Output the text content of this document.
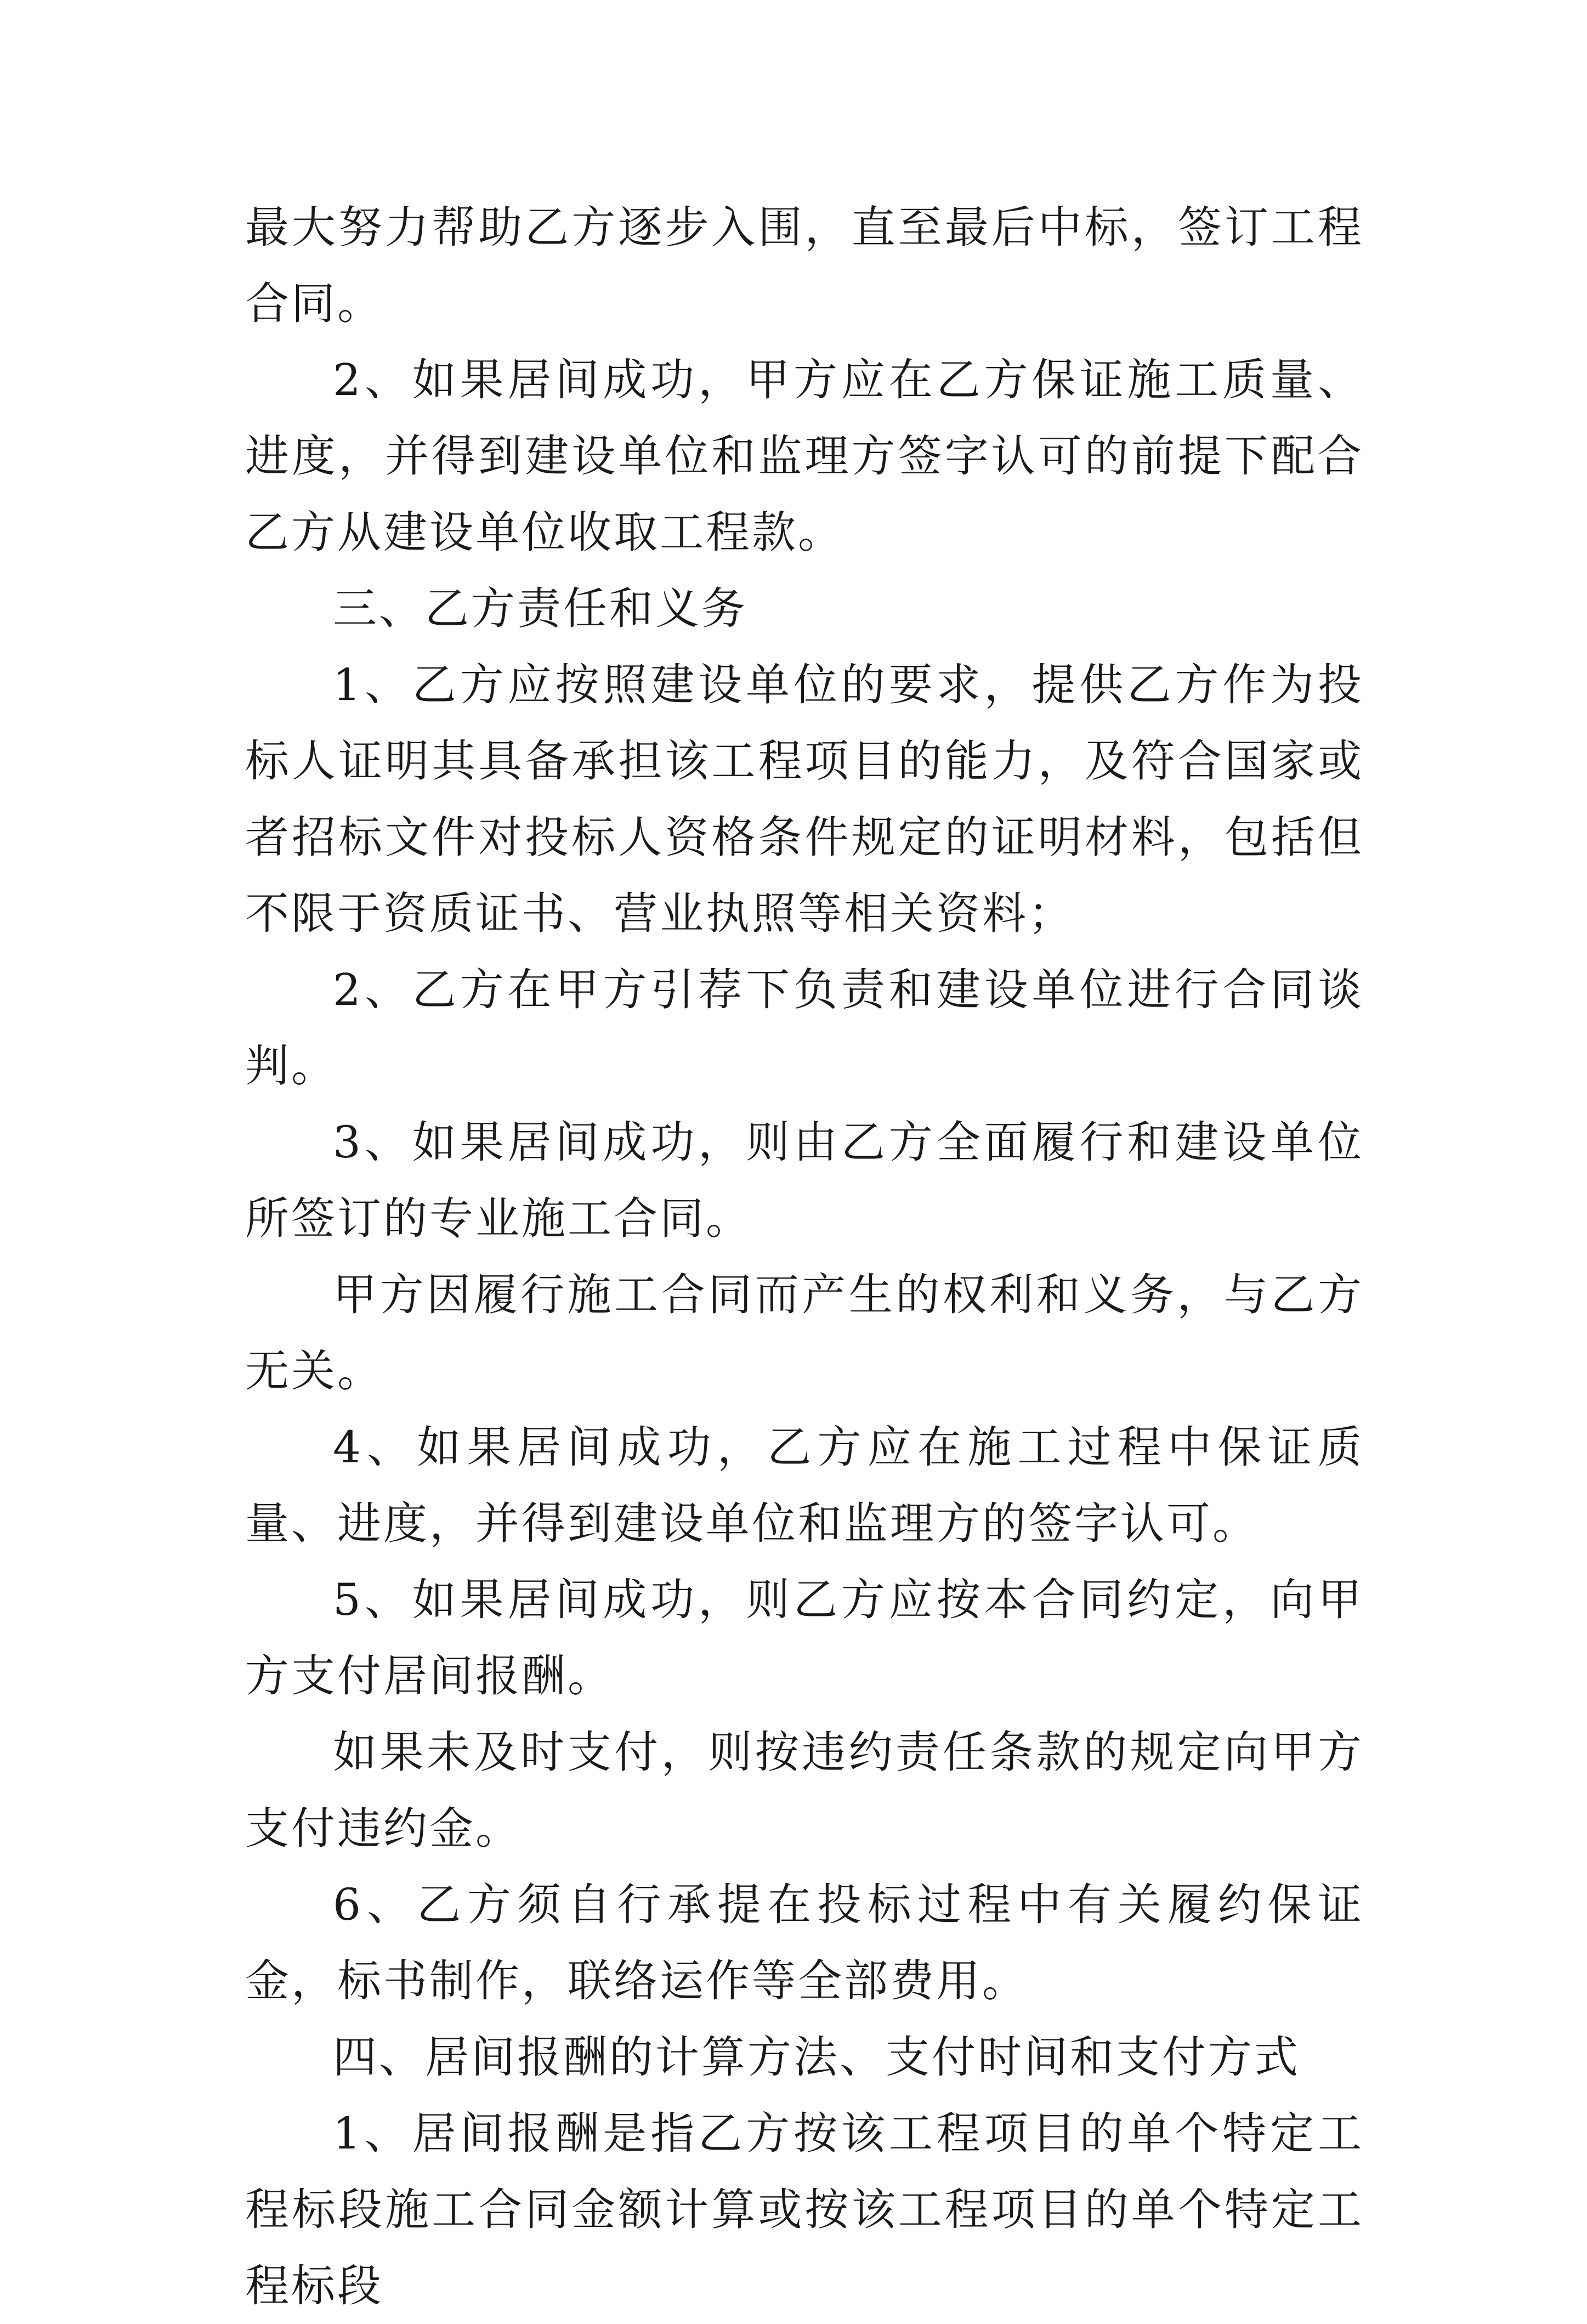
最大努力帮助乙方逐步入围，直至最后中标，签订工程合同。

2、如果居间成功，甲方应在乙方保证施工质量、进度，并得到建设单位和监理方签字认可的前提下配合乙方从建设单位收取工程款。

三、乙方责任和义务

1、乙方应按照建设单位的要求，提供乙方作为投标人证明其具备承担该工程项目的能力，及符合国家或者招标文件对投标人资格条件规定的证明材料，包括但不限于资质证书、营业执照等相关资料；

2、乙方在甲方引荐下负责和建设单位进行合同谈判。

3、如果居间成功，则由乙方全面履行和建设单位所签订的专业施工合同。

甲方因履行施工合同而产生的权利和义务，与乙方无关。

4、如果居间成功，乙方应在施工过程中保证质量、进度，并得到建设单位和监理方的签字认可。

5、如果居间成功，则乙方应按本合同约定，向甲方支付居间报酬。

如果未及时支付，则按违约责任条款的规定向甲方支付违约金。

6、乙方须自行承提在投标过程中有关履约保证金，标书制作，联络运作等全部费用。

四、居间报酬的计算方法、支付时间和支付方式

1、居间报酬是指乙方按该工程项目的单个特定工程标段施工合同金额计算或按该工程项目的单个特定工程标段
